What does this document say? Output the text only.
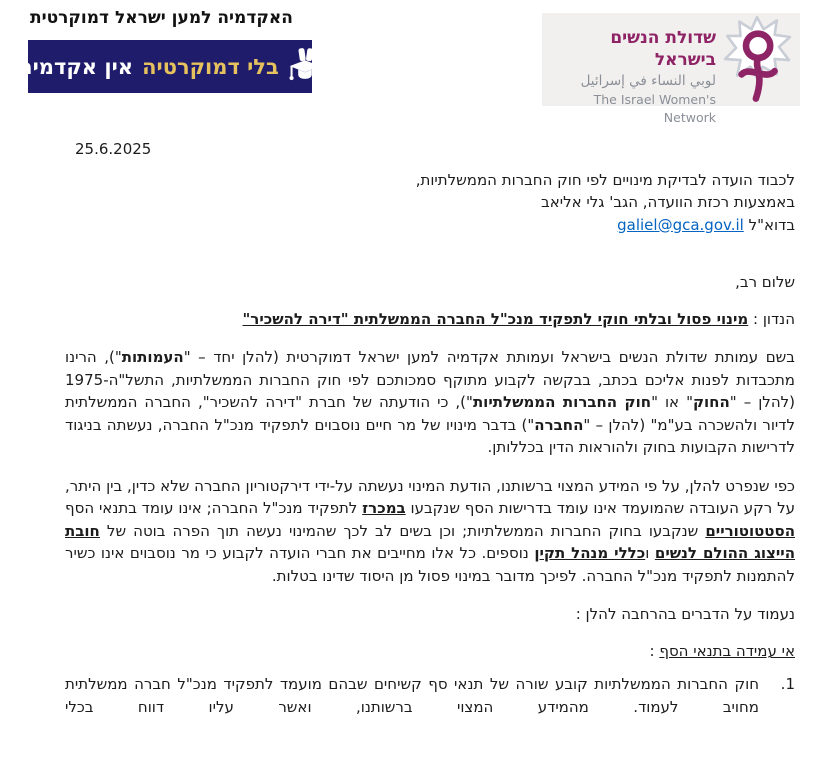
האקדמיה למען ישראל דמוקרטית
בלי דמוקרטיה
אין אקדמיה
שדולת הנשים בישראל
لوبي النساء في إسرائيل
The Israel Women's Network
25.6.2025
לכבוד הועדה לבדיקת מינויים לפי חוק החברות הממשלתיות,
באמצעות רכזת הוועדה, הגב' גלי אליאב
בדוא"ל galiel@gca.gov.il
שלום רב,
הנדון : מינוי פסול ובלתי חוקי לתפקיד מנכ"ל החברה הממשלתית "דירה להשכיר"
בשם עמותת שדולת הנשים בישראל ועמותת אקדמיה למען ישראל דמוקרטית (להלן יחד – "העמותות"), הרינו מתכבדות לפנות אליכם בכתב, בבקשה לקבוע מתוקף סמכותכם לפי חוק החברות הממשלתיות, התשל"ה-1975 (להלן – "החוק" או "חוק החברות הממשלתיות"), כי הודעתה של חברת "דירה להשכיר", החברה הממשלתית לדיור ולהשכרה בע"מ" (להלן – "החברה") בדבר מינויו של מר חיים נוסבוים לתפקיד מנכ"ל החברה, נעשתה בניגוד לדרישות הקבועות בחוק ולהוראות הדין בכללותן.
כפי שנפרט להלן, על פי המידע המצוי ברשותנו, הודעת המינוי נעשתה על-ידי דירקטוריון החברה שלא כדין, בין היתר, על רקע העובדה שהמועמד אינו עומד בדרישות הסף שנקבעו במכרז לתפקיד מנכ"ל החברה; אינו עומד בתנאי הסף הסטטוטוריים שנקבעו בחוק החברות הממשלתיות; וכן בשים לב לכך שהמינוי נעשה תוך הפרה בוטה של חובת הייצוג ההולם לנשים וכללי מנהל תקין נוספים. כל אלו מחייבים את חברי הועדה לקבוע כי מר נוסבוים אינו כשיר להתמנות לתפקיד מנכ"ל החברה. לפיכך מדובר במינוי פסול מן היסוד שדינו בטלות.
נעמוד על הדברים בהרחבה להלן :
אי עמידה בתנאי הסף :
1.
חוק החברות הממשלתיות קובע שורה של תנאי סף קשיחים שבהם מועמד לתפקיד מנכ"ל חברה ממשלתית מחויב לעמוד. מהמידע המצוי ברשותנו, ואשר עליו דווח בכלי
